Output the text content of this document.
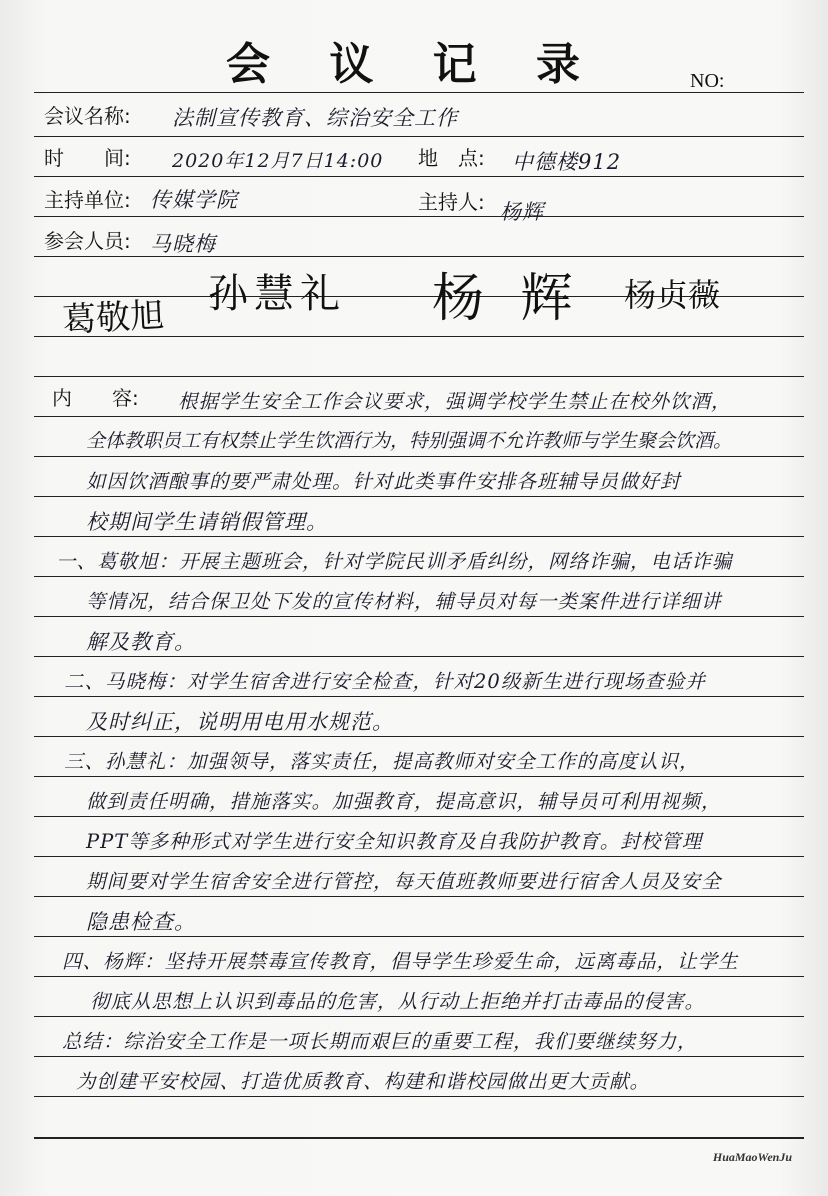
会 议 记 录	NO:
会议名称: 法制宣传教育、综治安全工作
时　　间: 2020年12月7日14:00 地　点: 中德楼912
主持单位: 传媒学院	主持人: 杨辉
参会人员: 马晓梅
葛敬旭
孙慧礼 杨 辉 杨贞薇
内　　容: 根据学生安全工作会议要求，强调学校学生禁止在校外饮酒，
全体教职员工有权禁止学生饮酒行为，特别强调不允许教师与学生聚会饮酒。
如因饮酒酿事的要严肃处理。针对此类事件安排各班辅导员做好封
校期间学生请销假管理。
一、葛敬旭：开展主题班会，针对学院民训矛盾纠纷，网络诈骗，电话诈骗
等情况，结合保卫处下发的宣传材料，辅导员对每一类案件进行详细讲
解及教育。
二、马晓梅：对学生宿舍进行安全检查，针对20级新生进行现场查验并
及时纠正，说明用电用水规范。
三、孙慧礼：加强领导，落实责任，提高教师对安全工作的高度认识，
做到责任明确，措施落实。加强教育，提高意识，辅导员可利用视频，
PPT等多种形式对学生进行安全知识教育及自我防护教育。封校管理
期间要对学生宿舍安全进行管控，每天值班教师要进行宿舍人员及安全
隐患检查。
四、杨辉：坚持开展禁毒宣传教育，倡导学生珍爱生命，远离毒品，让学生
彻底从思想上认识到毒品的危害，从行动上拒绝并打击毒品的侵害。
总结：综治安全工作是一项长期而艰巨的重要工程，我们要继续努力，
为创建平安校园、打造优质教育、构建和谐校园做出更大贡献。
HuaMaoWenJu
